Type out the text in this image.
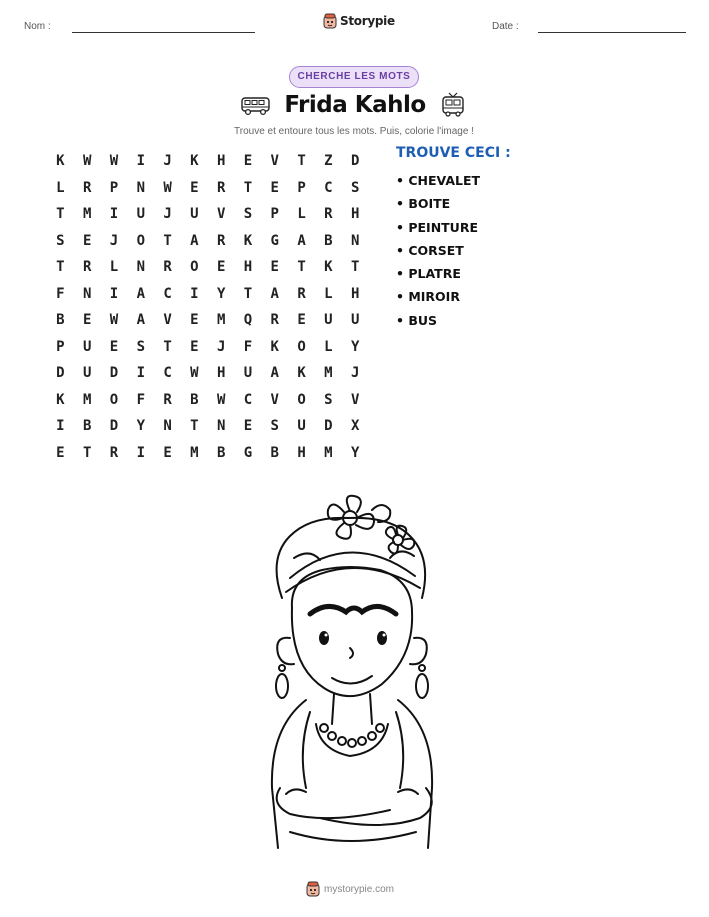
Nom :	Storypie	Date :
CHERCHE LES MOTS
Frida Kahlo
Trouve et entoure tous les mots. Puis, colorie l'image !
K	W	W	I	J	K	H	E	V	T	Z	D
L	R	P	N	W	E	R	T	E	P	C	S
T	M	I	U	J	U	V	S	P	L	R	H
S	E	J	O	T	A	R	K	G	A	B	N
T	R	L	N	R	O	E	H	E	T	K	T
F	N	I	A	C	I	Y	T	A	R	L	H
B	E	W	A	V	E	M	Q	R	E	U	U
P	U	E	S	T	E	J	F	K	O	L	Y
D	U	D	I	C	W	H	U	A	K	M	J
K	M	O	F	R	B	W	C	V	O	S	V
I	B	D	Y	N	T	N	E	S	U	D	X
E	T	R	I	E	M	B	G	B	H	M	Y
TROUVE CECI :
• CHEVALET
• BOITE
• PEINTURE
• CORSET
• PLATRE
• MIROIR
• BUS
mystorypie.com
